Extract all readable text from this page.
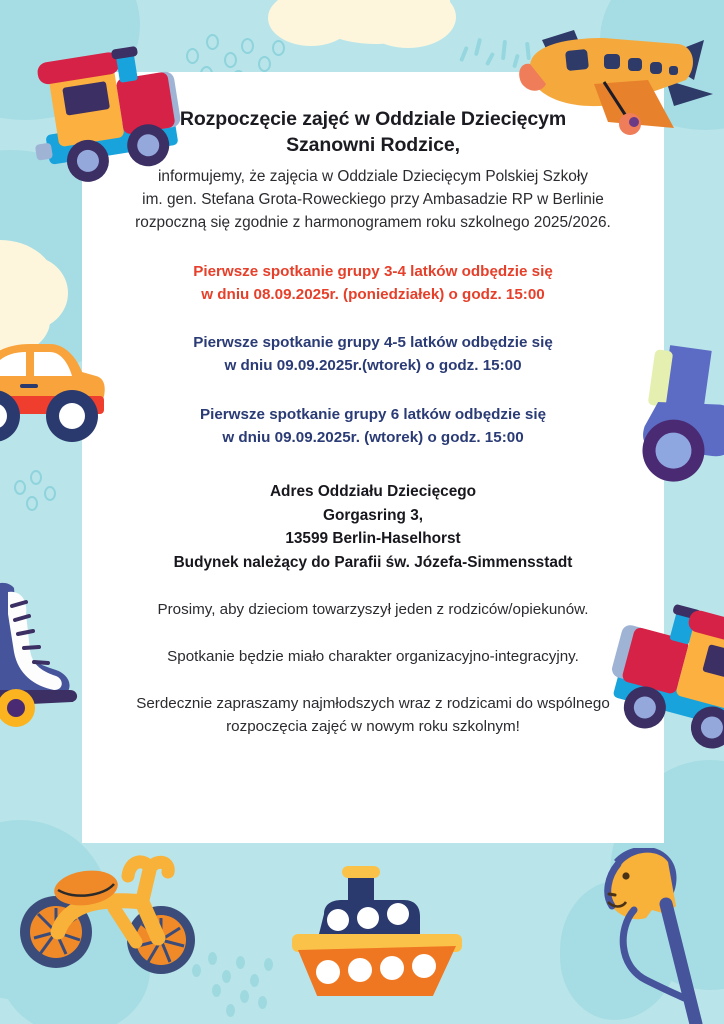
Rozpoczęcie zajęć w Oddziale Dziecięcym
Szanowni Rodzice,
informujemy, że zajęcia w Oddziale Dziecięcym Polskiej Szkoły
im. gen. Stefana Grota-Roweckiego przy Ambasadzie RP w Berlinie
rozpoczną się zgodnie z harmonogramem roku szkolnego 2025/2026.
Pierwsze spotkanie grupy 3-4 latków odbędzie się
w dniu 08.09.2025r. (poniedziałek) o godz. 15:00
Pierwsze spotkanie grupy 4-5 latków odbędzie się
w dniu 09.09.2025r.(wtorek) o godz. 15:00
Pierwsze spotkanie grupy 6 latków odbędzie się
w dniu 09.09.2025r. (wtorek) o godz. 15:00
Adres Oddziału Dziecięcego
Gorgasring 3,
13599 Berlin-Haselhorst
Budynek należący do Parafii św. Józefa-Simmensstadt
Prosimy, aby dzieciom towarzyszył jeden z rodziców/opiekunów.
Spotkanie będzie miało charakter organizacyjno-integracyjny.
Serdecznie zapraszamy najmłodszych wraz z rodzicami do wspólnego
rozpoczęcia zajęć w nowym roku szkolnym!
